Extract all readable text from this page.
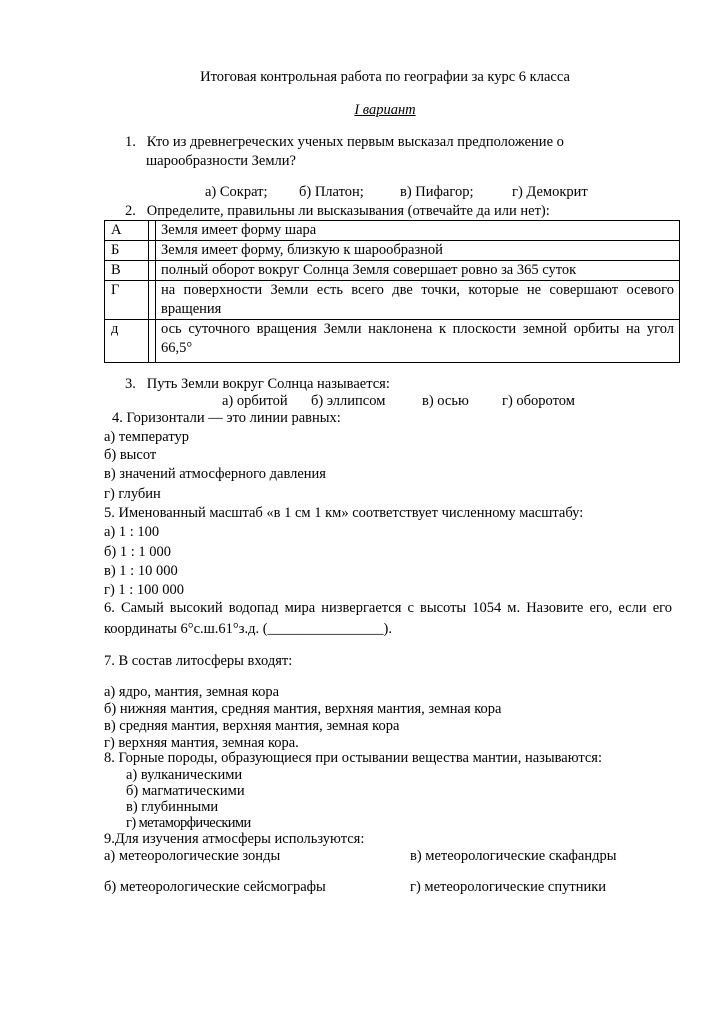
Итоговая контрольная работа по географии за курс 6 класса
I вариант
1.   Кто из древнегреческих ученых первым высказал предположение о
шарообразности Земли?
а) Сократ; б) Платон; в) Пифагор;	г) Демокрит
2.   Определите, правильны ли высказывания (отвечайте да или нет):
А		Земля имеет форму шара
Б		Земля имеет форму, близкую к шарообразной
В		полный оборот вокруг Солнца Земля совершает ровно за 365 суток
Г		на поверхности Земли есть всего две точки, которые не совершают осевого вращения
д		ось суточного вращения Земли наклонена к плоскости земной орбиты на угол 66,5°
3.   Путь Земли вокруг Солнца называется:
а) орбитой б) эллипсом	в) осью г) оборотом
4. Горизонтали — это линии равных:
а) температур
б) высот
в) значений атмосферного давления
г) глубин
5. Именованный масштаб «в 1 см 1 км» соответствует численному масштабу:
а) 1 : 100
б) 1 : 1 000
в) 1 : 10 000
г) 1 : 100 000
6. Самый высокий водопад мира низвергается с высоты 1054 м. Назовите его, если его координаты 6°с.ш.61°з.д. (________________).
7. В состав литосферы входят:
а) ядро, мантия, земная кора
б) нижняя мантия, средняя мантия, верхняя мантия, земная кора
в) средняя мантия, верхняя мантия, земная кора
г) верхняя мантия, земная кора.
8. Горные породы, образующиеся при остывании вещества мантии, называются:
а) вулканическими
б) магматическими
в) глубинными
г) метаморфическими
9.Для изучения атмосферы используются:
а) метеорологические зонды	в) метеорологические скафандры
б) метеорологические сейсмографы	г) метеорологические спутники
